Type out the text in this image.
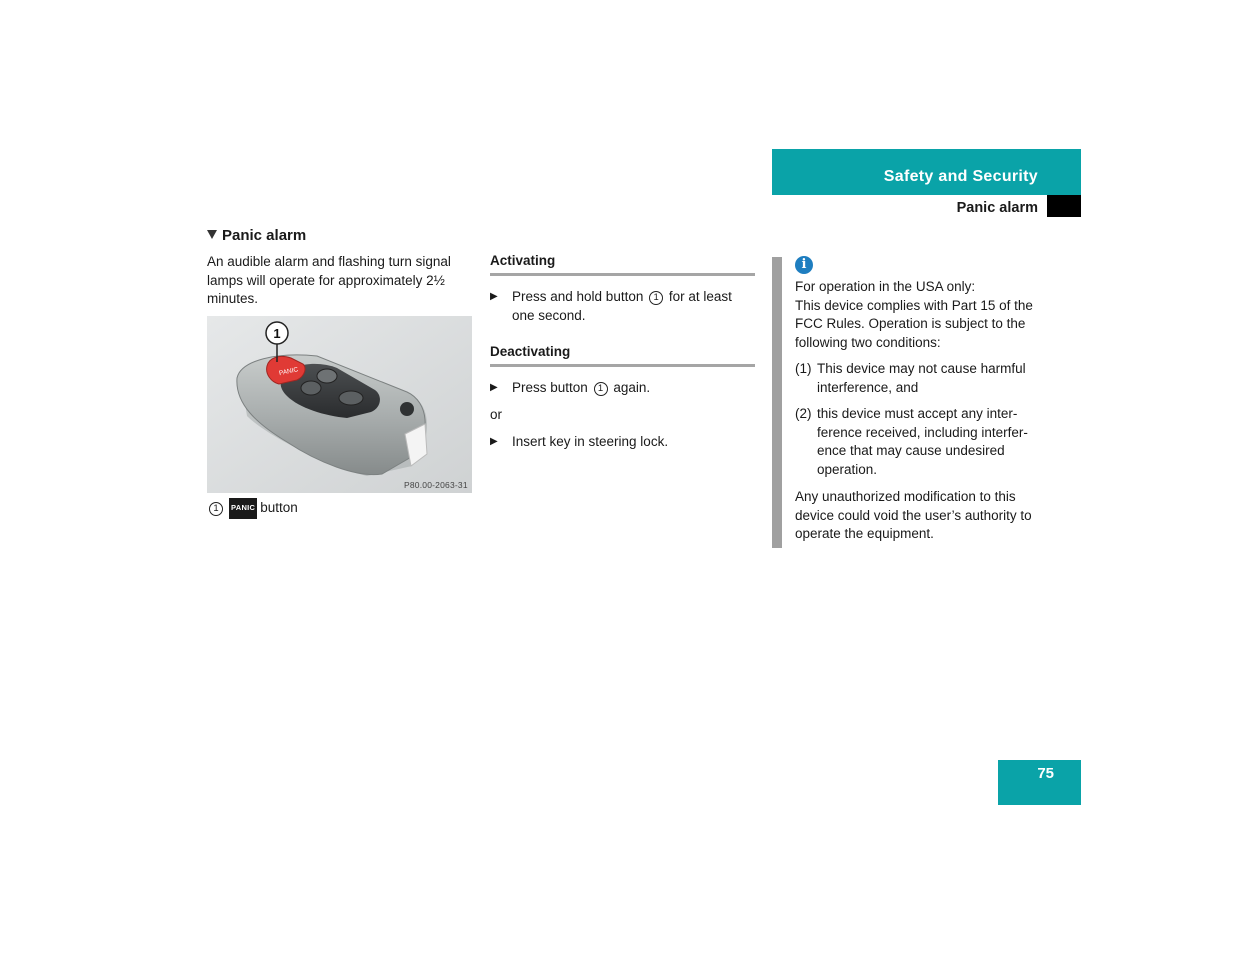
Safety and Security
Panic alarm
Panic alarm
An audible alarm and flashing turn signal lamps will operate for approximately 2½ minutes.
PANIC
1
P80.00-2063-31
1 PANIC button
Activating
▶	Press and hold button 1 for at least one second.
Deactivating
▶	Press button 1 again.
or
▶	Insert key in steering lock.
i
For operation in the USA only:
This device complies with Part 15 of the FCC Rules. Operation is subject to the following two conditions:
(1) This device may not cause harmful interference, and
(2) this device must accept any inter-ference received, including interfer-ence that may cause undesired operation.
Any unauthorized modification to this device could void the user’s authority to operate the equipment.
75
